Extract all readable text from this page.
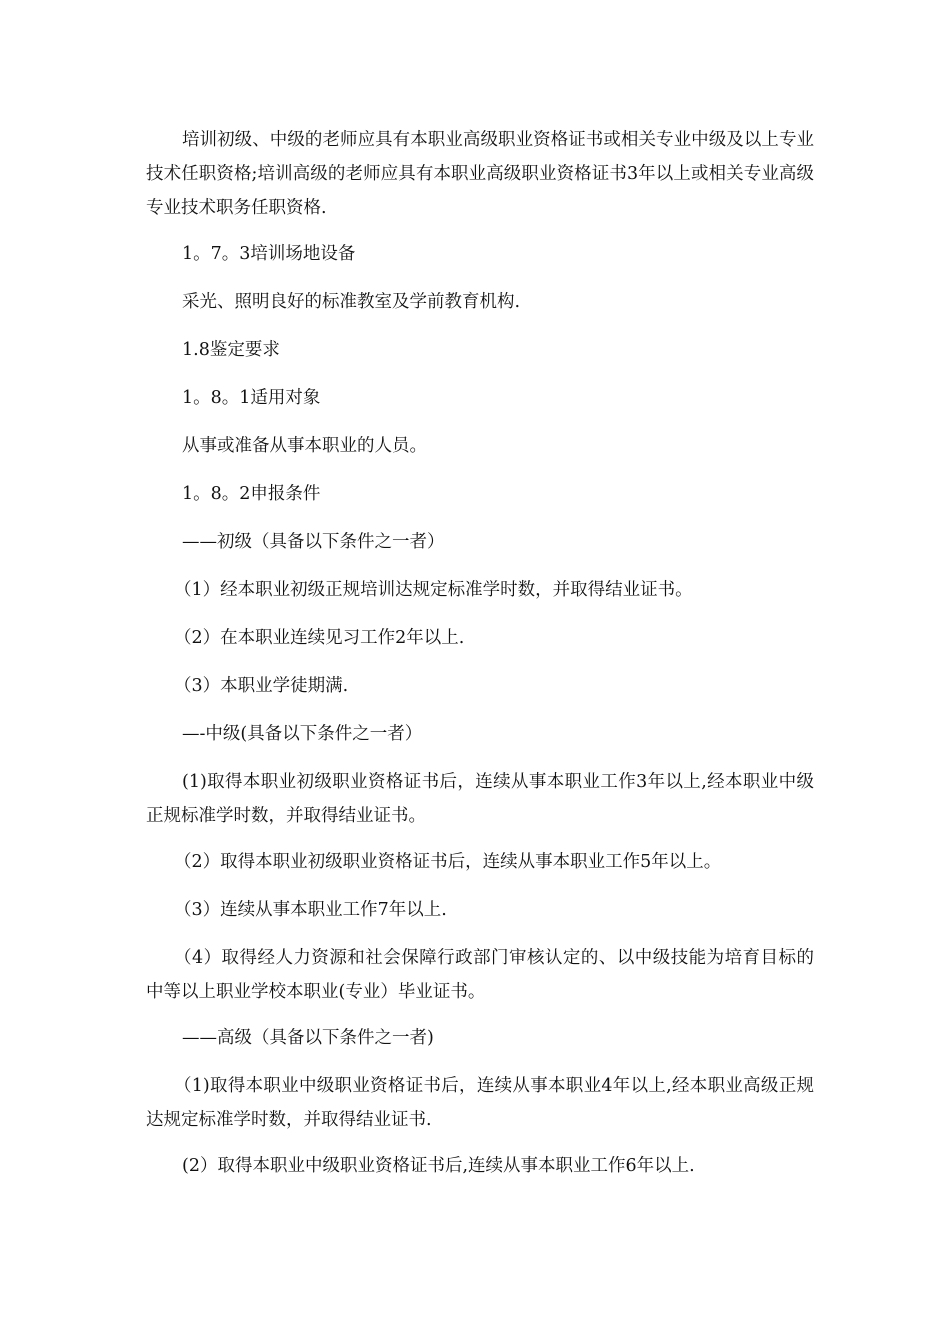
培训初级、中级的老师应具有本职业高级职业资格证书或相关专业中级及以上专业技术任职资格;培训高级的老师应具有本职业高级职业资格证书3年以上或相关专业高级专业技术职务任职资格.

1。7。3培训场地设备

采光、照明良好的标准教室及学前教育机构.

1.8鉴定要求

1。8。1适用对象

从事或准备从事本职业的人员。

1。8。2申报条件

——初级（具备以下条件之一者）

（1）经本职业初级正规培训达规定标准学时数，并取得结业证书。

（2）在本职业连续见习工作2年以上.

（3）本职业学徒期满.

—-中级(具备以下条件之一者）

(1)取得本职业初级职业资格证书后，连续从事本职业工作3年以上,经本职业中级正规标准学时数，并取得结业证书。

（2）取得本职业初级职业资格证书后，连续从事本职业工作5年以上。

（3）连续从事本职业工作7年以上.

（4）取得经人力资源和社会保障行政部门审核认定的、以中级技能为培育目标的中等以上职业学校本职业(专业）毕业证书。

——高级（具备以下条件之一者)

（1)取得本职业中级职业资格证书后，连续从事本职业4年以上,经本职业高级正规达规定标准学时数，并取得结业证书.

(2）取得本职业中级职业资格证书后,连续从事本职业工作6年以上.
